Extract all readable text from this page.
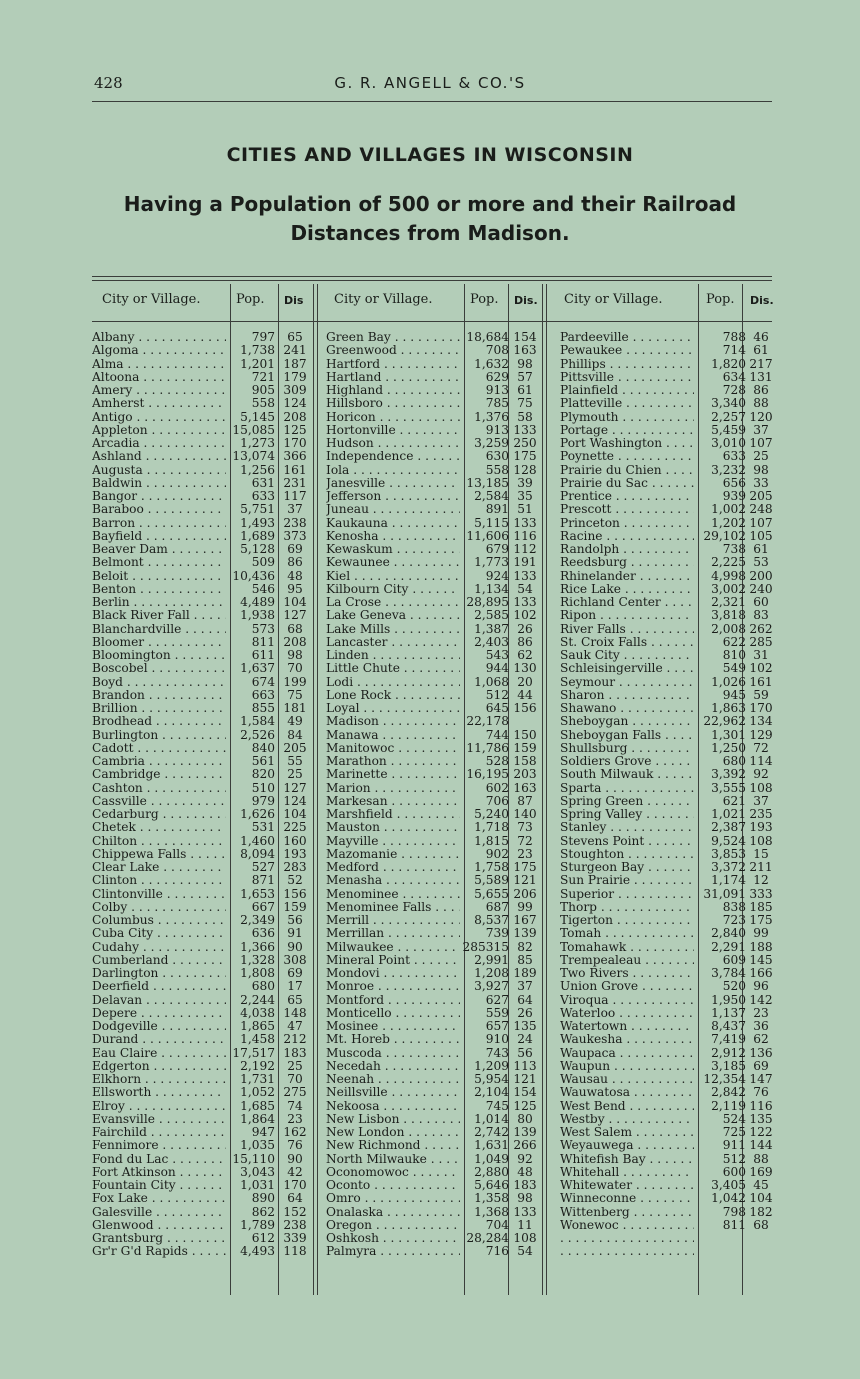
428	G. R. ANGELL & CO.'S
CITIES AND VILLAGES IN WISCONSIN
Having a Population of 500 or more and their Railroad Distances from Madison.
City or Village.	Pop. Dis City or Village.	Pop. Dis. City or Village.	Pop. Dis.
Albany . . .	797	65
Algoma . . .	1,738 241
Alma . . .	1,201 187
Altoona . . .	721 179
Amery . . .	905 309
Amherst . . .	558 124
Antigo . . .	5,145 208
Appleton . . .	15,085 125
Arcadia . . .	1,273 170
Ashland . . .	13,074 366
Augusta . . .	1,256 161
Baldwin . . .	631 231
Bangor . . .	633 117
Baraboo . . .	5,751	37
Barron . . .	1,493 238
Bayfield . . .	1,689 373
Beaver Dam . . .	5,128	69
Belmont . . .	509	86
Beloit . . .	10,436	48
Benton . . .	546	95
Berlin . . .	4,489 104
Black River Fall . . .	1,938 127
Blanchardville . . .	573	68
Bloomer . . .	811 208
Bloomington . . .	611	98
Boscobel . . .	1,637	70
Boyd . . .	674 199
Brandon . . .	663	75
Brillion . . .	855 181
Brodhead . . .	1,584	49
Burlington . . .	2,526	84
Cadott . . .	840 205
Cambria . . .	561	55
Cambridge . . .	820	25
Cashton . . .	510 127
Cassville . . .	979 124
Cedarburg . . .	1,626 104
Chetek . . .	531 225
Chilton . . .	1,460 160
Chippewa Falls . . .	8,094 193
Clear Lake . . .	527 283
Clinton . . .	871	52
Clintonville . . .	1,653 156
Colby . . .	667 159
Columbus . . .	2,349	56
Cuba City . . .	636	91
Cudahy . . .	1,366	90
Cumberland . . .	1,328 308
Darlington . . .	1,808	69
Deerfield . . .	680	17
Delavan . . .	2,244	65
Depere . . .	4,038 148
Dodgeville . . .	1,865	47
Durand . . .	1,458 212
Eau Claire . . .	17,517 183
Edgerton . . .	2,192	25
Elkhorn . . .	1,731	70
Ellsworth . . .	1,052 275
Elroy . . .	1,685	74
Evansville . . .	1,864	23
Fairchild . . .	947 162
Fennimore . . .	1,035	76
Fond du Lac . . .	15,110	90
Fort Atkinson . . .	3,043	42
Fountain City . . .	1,031 170
Fox Lake . . .	890	64
Galesville . . .	862 152
Glenwood . . .	1,789 238
Grantsburg . . .	612 339
Gr'r G'd Rapids . . .	4,493 118
Green Bay . . .	18,684 154
Greenwood . . .	708 163
Hartford . . .	1,632 98
Hartland . . .	629 57
Highland . . .	913 61
Hillsboro . . .	785 75
Horicon . . .	1,376 58
Hortonville . . .	913 133
Hudson . . .	3,259 250
Independence . . .	630 175
Iola . . .	558 128
Janesville . . .	13,185 39
Jefferson . . .	2,584 35
Juneau . . .	891 51
Kaukauna . . .	5,115 133
Kenosha . . .	11,606 116
Kewaskum . . .	679 112
Kewaunee . . .	1,773 191
Kiel . . .	924 133
Kilbourn City . . .	1,134 54
La Crose . . .	28,895 133
Lake Geneva . . .	2,585 102
Lake Mills . . .	1,387 26
Lancaster . . .	2,403 86
Linden . . .	543 62
Little Chute . . .	944 130
Lodi . . .	1,068 20
Lone Rock . . .	512 44
Loyal . . .	645 156
Madison . . .	22,178
Manawa . . .	744 150
Manitowoc . . .	11,786 159
Marathon . . .	528 158
Marinette . . .	16,195 203
Marion . . .	602 163
Markesan . . .	706 87
Marshfield . . .	5,240 140
Mauston . . .	1,718 73
Mayville . . .	1,815 72
Mazomanie . . .	902 23
Medford . . .	1,758 175
Menasha . . .	5,589 121
Menominee . . .	5,655 206
Menominee Falls . . .	687 99
Merrill . . .	8,537 167
Merrillan . . .	739 139
Milwaukee . . .	285315 82
Mineral Point . . .	2,991 85
Mondovi . . .	1,208 189
Monroe . . .	3,927 37
Montford . . .	627 64
Monticello . . .	559 26
Mosinee . . .	657 135
Mt. Horeb . . .	910 24
Muscoda . . .	743 56
Necedah . . .	1,209 113
Neenah . . .	5,954 121
Neillsville . . .	2,104 154
Nekoosa . . .	745 125
New Lisbon . . .	1,014 80
New London . . .	2,742 139
New Richmond . . .	1,631 266
North Milwauke . . .	1,049 92
Oconomowoc . . .	2,880 48
Oconto . . .	5,646 183
Omro . . .	1,358 98
Onalaska . . .	1,368 133
Oregon . . .	704 11
Oshkosh . . .	28,284 108
Palmyra . . .	716 54
Pardeeville . . .	788 46
Pewaukee . . .	714 61
Phillips . . .	1,820 217
Pittsville . . .	634 131
Plainfield . . .	728 86
Platteville . . .	3,340 88
Plymouth . . .	2,257 120
Portage . . .	5,459 37
Port Washington . . .	3,010 107
Poynette . . .	633 25
Prairie du Chien . . .	3,232 98
Prairie du Sac . . .	656 33
Prentice . . .	939 205
Prescott . . .	1,002 248
Princeton . . .	1,202 107
Racine . . .	29,102 105
Randolph . . .	738 61
Reedsburg . . .	2,225 53
Rhinelander . . .	4,998 200
Rice Lake . . .	3,002 240
Richland Center . . .	2,321 60
Ripon . . .	3,818 83
River Falls . . .	2,008 262
St. Croix Falls . . .	622 285
Sauk City . . .	810 31
Schleisingerville . . .	549 102
Seymour . . .	1,026 161
Sharon . . .	945 59
Shawano . . .	1,863 170
Sheboygan . . .	22,962 134
Sheboygan Falls . . .	1,301 129
Shullsburg . . .	1,250 72
Soldiers Grove . . .	680 114
South Milwauk . . .	3,392 92
Sparta . . .	3,555 108
Spring Green . . .	621 37
Spring Valley . . .	1,021 235
Stanley . . .	2,387 193
Stevens Point . . .	9,524 108
Stoughton . . .	3,853 15
Sturgeon Bay . . .	3,372 211
Sun Prairie . . .	1,174 12
Superior . . .	31,091 333
Thorp . . .	838 185
Tigerton . . .	723 175
Tomah . . .	2,840 99
Tomahawk . . .	2,291 188
Trempealeau . . .	609 145
Two Rivers . . .	3,784 166
Union Grove . . .	520 96
Viroqua . . .	1,950 142
Waterloo . . .	1,137 23
Watertown . . .	8,437 36
Waukesha . . .	7,419 62
Waupaca . . .	2,912 136
Waupun . . .	3,185 69
Wausau . . .	12,354 147
Wauwatosa . . .	2,842 76
West Bend . . .	2,119 116
Westby . . .	524 135
West Salem . . .	725 122
Weyauwega . . .	911 144
Whitefish Bay . . .	512 88
Whitehall . . .	600 169
Whitewater . . .	3,405 45
Winneconne . . .	1,042 104
Wittenberg . . .	798 182
Wonewoc . . .	811 68
. . .
. . .
